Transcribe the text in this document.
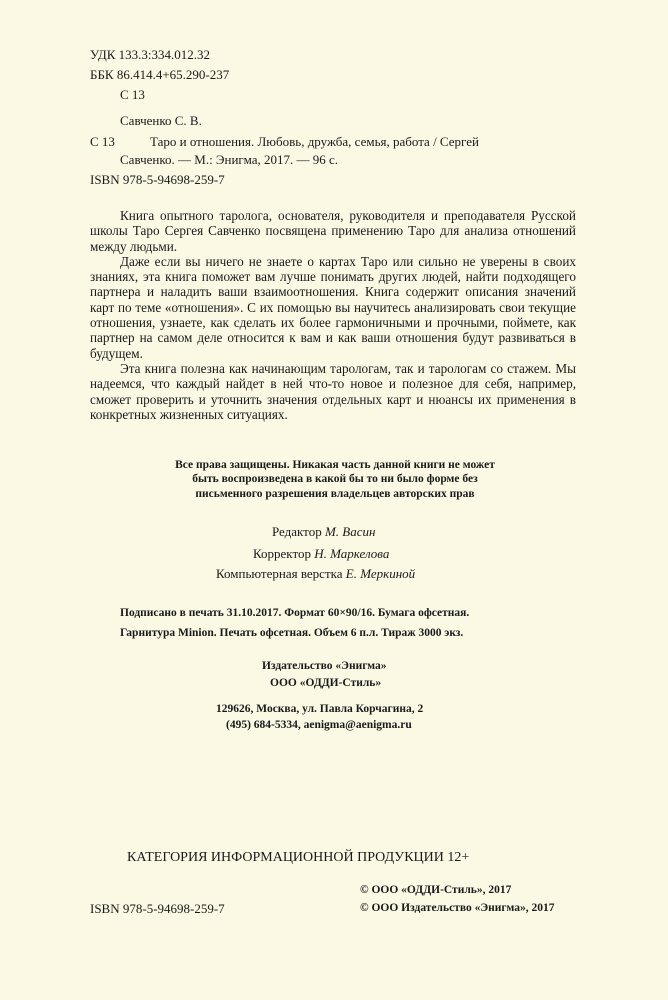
УДК 133.3:334.012.32
ББК 86.414.4+65.290-237
С 13
Савченко С. В.
С 13	Таро и отношения. Любовь, дружба, семья, работа / Сергей
Савченко. — М.: Энигма, 2017. — 96 с.
ISBN 978-5-94698-259-7

Книга опытного таролога, основателя, руководителя и преподавателя Русской школы Таро Сергея Савченко посвящена применению Таро для анализа отношений между людьми.

Даже если вы ничего не знаете о картах Таро или сильно не уверены в своих знаниях, эта книга поможет вам лучше понимать других людей, найти подходящего партнера и наладить ваши взаимоотношения. Книга содержит описания значений карт по теме «отношения». С их помощью вы научитесь анализировать свои текущие отношения, узнаете, как сделать их более гармоничными и прочными, поймете, как партнер на самом деле относится к вам и как ваши отношения будут развиваться в будущем.

Эта книга полезна как начинающим тарологам, так и тарологам со стажем. Мы надеемся, что каждый найдет в ней что-то новое и полезное для себя, например, сможет проверить и уточнить значения отдельных карт и нюансы их применения в конкретных жизненных ситуациях.

Все права защищены. Никакая часть данной книги не может
быть воспроизведена в какой бы то ни было форме без
письменного разрешения владельцев авторских прав
Редактор М. Васин
Корректор Н. Маркелова
Компьютерная верстка Е. Меркиной
Подписано в печать 31.10.2017. Формат 60×90/16. Бумага офсетная.
Гарнитура Minion. Печать офсетная. Объем 6 п.л. Тираж 3000 экз.
Издательство «Энигма»
ООО «ОДДИ-Стиль»
129626, Москва, ул. Павла Корчагина, 2
(495) 684-5334, aenigma@aenigma.ru
КАТЕГОРИЯ ИНФОРМАЦИОННОЙ ПРОДУКЦИИ 12+
© ООО «ОДДИ-Стиль», 2017
ISBN 978-5-94698-259-7	© ООО Издательство «Энигма», 2017
